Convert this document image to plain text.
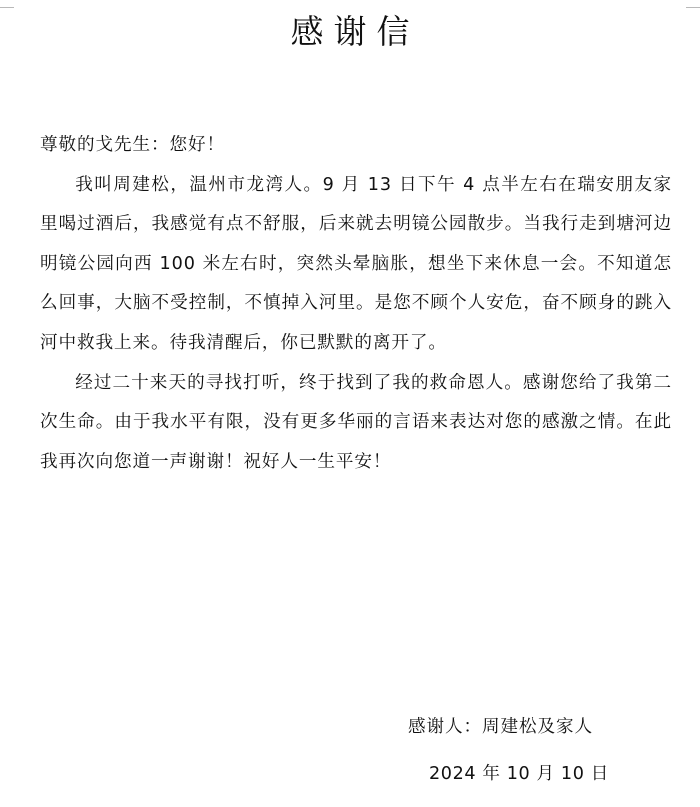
感谢信

尊敬的戈先生：您好！

我叫周建松，温州市龙湾人。9 月 13 日下午 4 点半左右在瑞安朋友家里喝过酒后，我感觉有点不舒服，后来就去明镜公园散步。当我行走到塘河边明镜公园向西 100 米左右时，突然头晕脑胀，想坐下来休息一会。不知道怎么回事，大脑不受控制，不慎掉入河里。是您不顾个人安危，奋不顾身的跳入河中救我上来。待我清醒后，你已默默的离开了。

经过二十来天的寻找打听，终于找到了我的救命恩人。感谢您给了我第二次生命。由于我水平有限，没有更多华丽的言语来表达对您的感激之情。在此我再次向您道一声谢谢！祝好人一生平安！

感谢人：周建松及家人
2024 年 10 月 10 日
